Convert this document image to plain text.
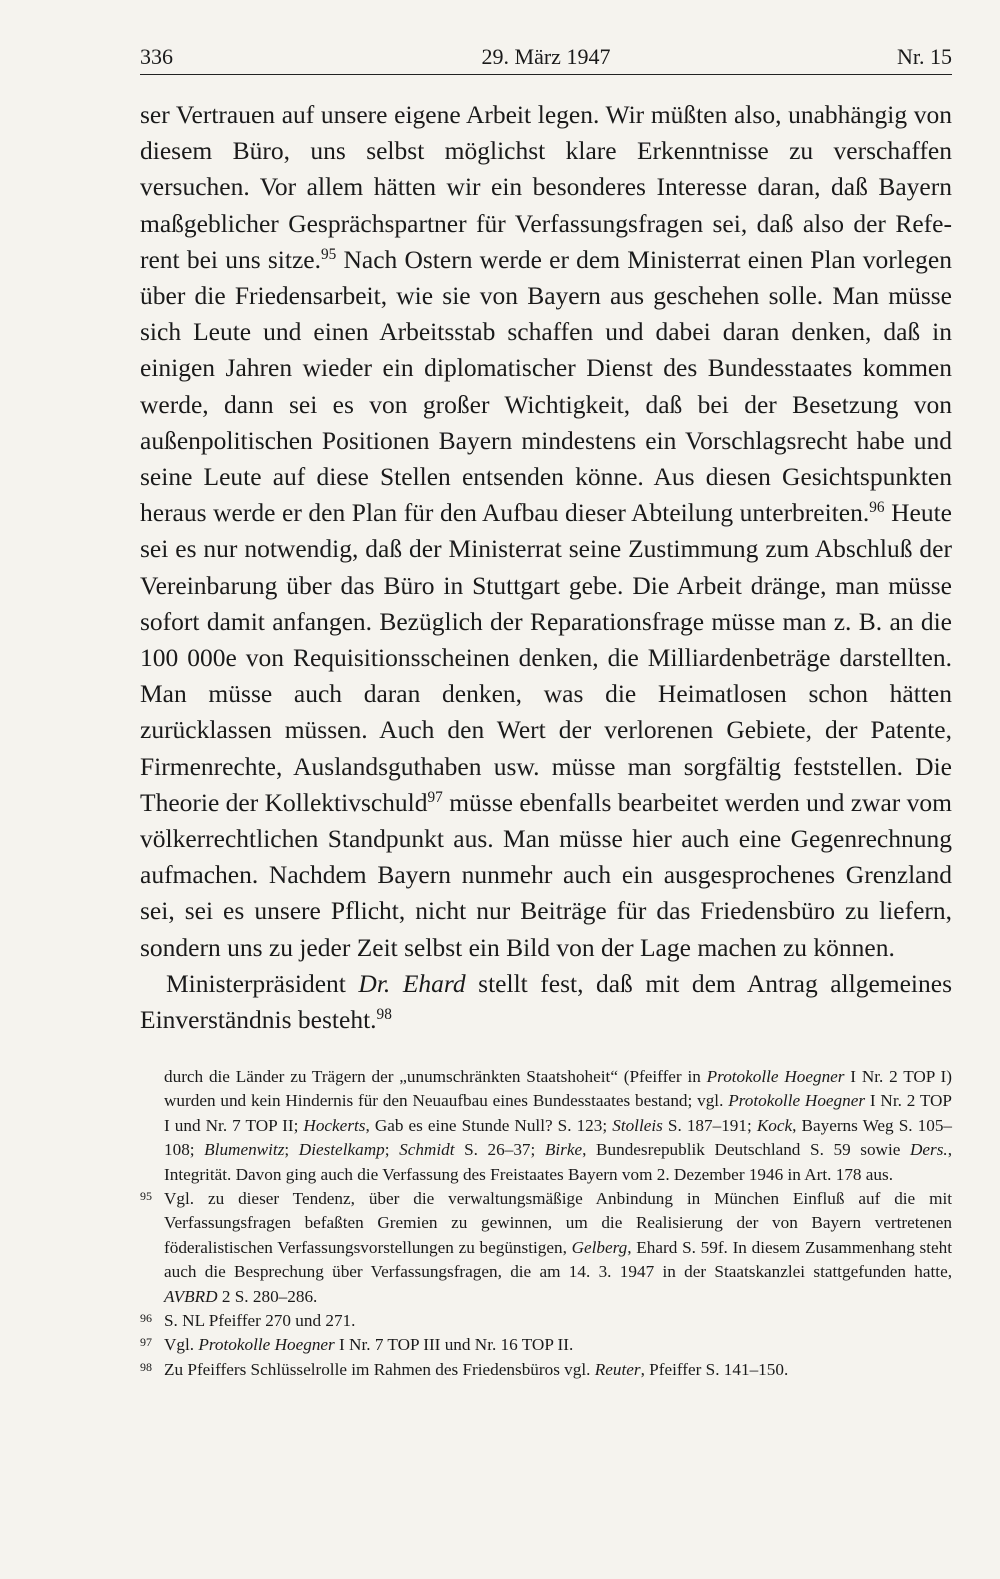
336	29. März 1947	Nr. 15

ser Vertrauen auf unsere eigene Arbeit legen. Wir müßten also, unabhängig von diesem Büro, uns selbst möglichst klare Erkenntnisse zu verschaffen versuchen. Vor allem hätten wir ein besonderes Interesse daran, daß Bayern maßgeblicher Gesprächspartner für Verfassungsfragen sei, daß also der Referent bei uns sitze.$^{95}$ Nach Ostern werde er dem Ministerrat einen Plan vorlegen über die Friedensarbeit, wie sie von Bayern aus geschehen solle. Man müsse sich Leute und einen Arbeitsstab schaffen und dabei daran denken, daß in einigen Jahren wieder ein diplomatischer Dienst des Bundesstaates kommen werde, dann sei es von großer Wichtigkeit, daß bei der Besetzung von außenpolitischen Positionen Bayern mindestens ein Vorschlagsrecht habe und seine Leute auf diese Stellen entsenden könne. Aus diesen Gesichtspunkten heraus werde er den Plan für den Aufbau dieser Abteilung unterbreiten.$^{96}$ Heute sei es nur notwendig, daß der Ministerrat seine Zustimmung zum Abschluß der Vereinbarung über das Büro in Stuttgart gebe. Die Arbeit dränge, man müsse sofort damit anfangen. Bezüglich der Reparationsfrage müsse man z. B. an die 100 000e von Requisitionsscheinen denken, die Milliardenbeträge darstellten. Man müsse auch daran denken, was die Heimatlosen schon hätten zurücklassen müssen. Auch den Wert der verlorenen Gebiete, der Patente, Firmenrechte, Auslandsguthaben usw. müsse man sorgfältig feststellen. Die Theorie der Kollektivschuld$^{97}$ müsse ebenfalls bearbeitet werden und zwar vom völkerrechtlichen Standpunkt aus. Man müsse hier auch eine Gegenrechnung aufmachen. Nachdem Bayern nunmehr auch ein ausgesprochenes Grenzland sei, sei es unsere Pflicht, nicht nur Beiträge für das Friedensbüro zu liefern, sondern uns zu jeder Zeit selbst ein Bild von der Lage machen zu können.

Ministerpräsident Dr. Ehard stellt fest, daß mit dem Antrag allgemeines Einverständnis besteht.$^{98}$

durch die Länder zu Trägern der „unumschränkten Staatshoheit“ (Pfeiffer in Protokolle Hoegner I Nr. 2 TOP I) wurden und kein Hindernis für den Neuaufbau eines Bundesstaates bestand; vgl. Protokolle Hoegner I Nr. 2 TOP I und Nr. 7 TOP II; Hockerts, Gab es eine Stunde Null? S. 123; Stolleis S. 187–191; Kock, Bayerns Weg S. 105–108; Blumenwitz; Diestelkamp; Schmidt S. 26–37; Birke, Bundesrepublik Deutschland S. 59 sowie Ders., Integrität. Davon ging auch die Verfassung des Freistaates Bayern vom 2. Dezember 1946 in Art. 178 aus.

95 Vgl. zu dieser Tendenz, über die verwaltungsmäßige Anbindung in München Einfluß auf die mit Verfassungsfragen befaßten Gremien zu gewinnen, um die Realisierung der von Bayern vertretenen föderalistischen Verfassungsvorstellungen zu begünstigen, Gelberg, Ehard S. 59f. In diesem Zusammenhang steht auch die Besprechung über Verfassungsfragen, die am 14. 3. 1947 in der Staatskanzlei stattgefunden hatte, AVBRD 2 S. 280–286.

96 S. NL Pfeiffer 270 und 271.

97 Vgl. Protokolle Hoegner I Nr. 7 TOP III und Nr. 16 TOP II.

98 Zu Pfeiffers Schlüsselrolle im Rahmen des Friedensbüros vgl. Reuter, Pfeiffer S. 141–150.
